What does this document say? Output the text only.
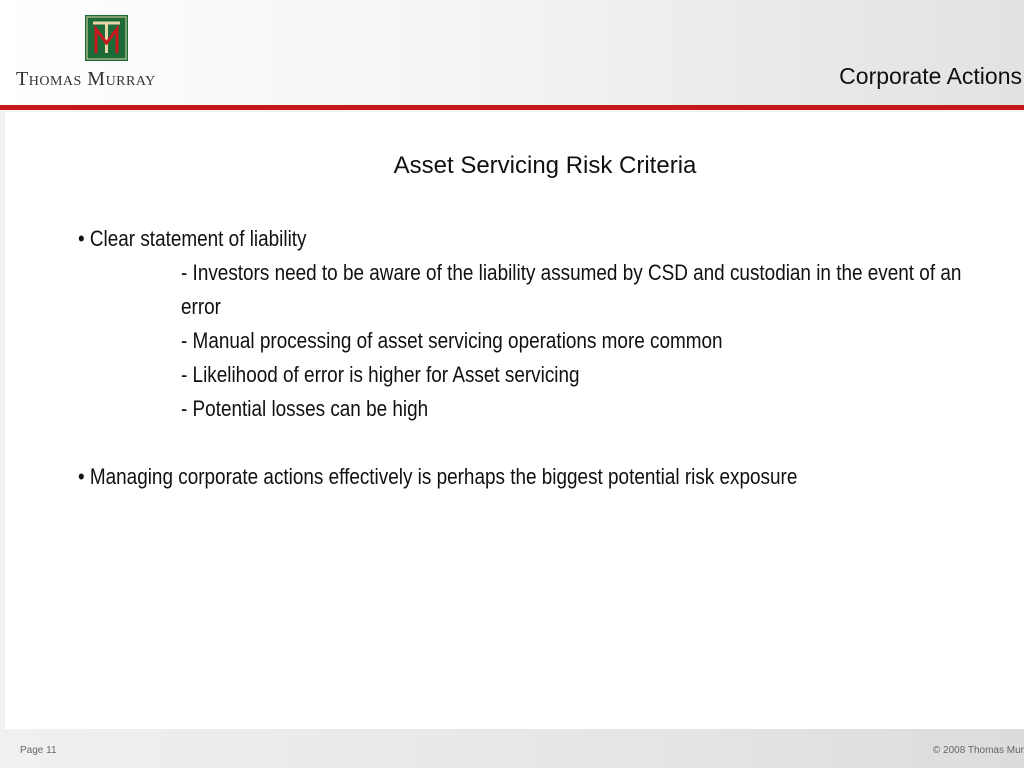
Thomas Murray	Corporate Actions
Asset Servicing Risk Criteria
• Clear statement of liability
- Investors need to be aware of the liability assumed by CSD and custodian in the event of an error
- Manual processing of asset servicing operations more common
- Likelihood of error is higher for Asset servicing
- Potential losses can be high
• Managing corporate actions effectively is perhaps the biggest potential risk exposure
Page 11	© 2008 Thomas Mur
